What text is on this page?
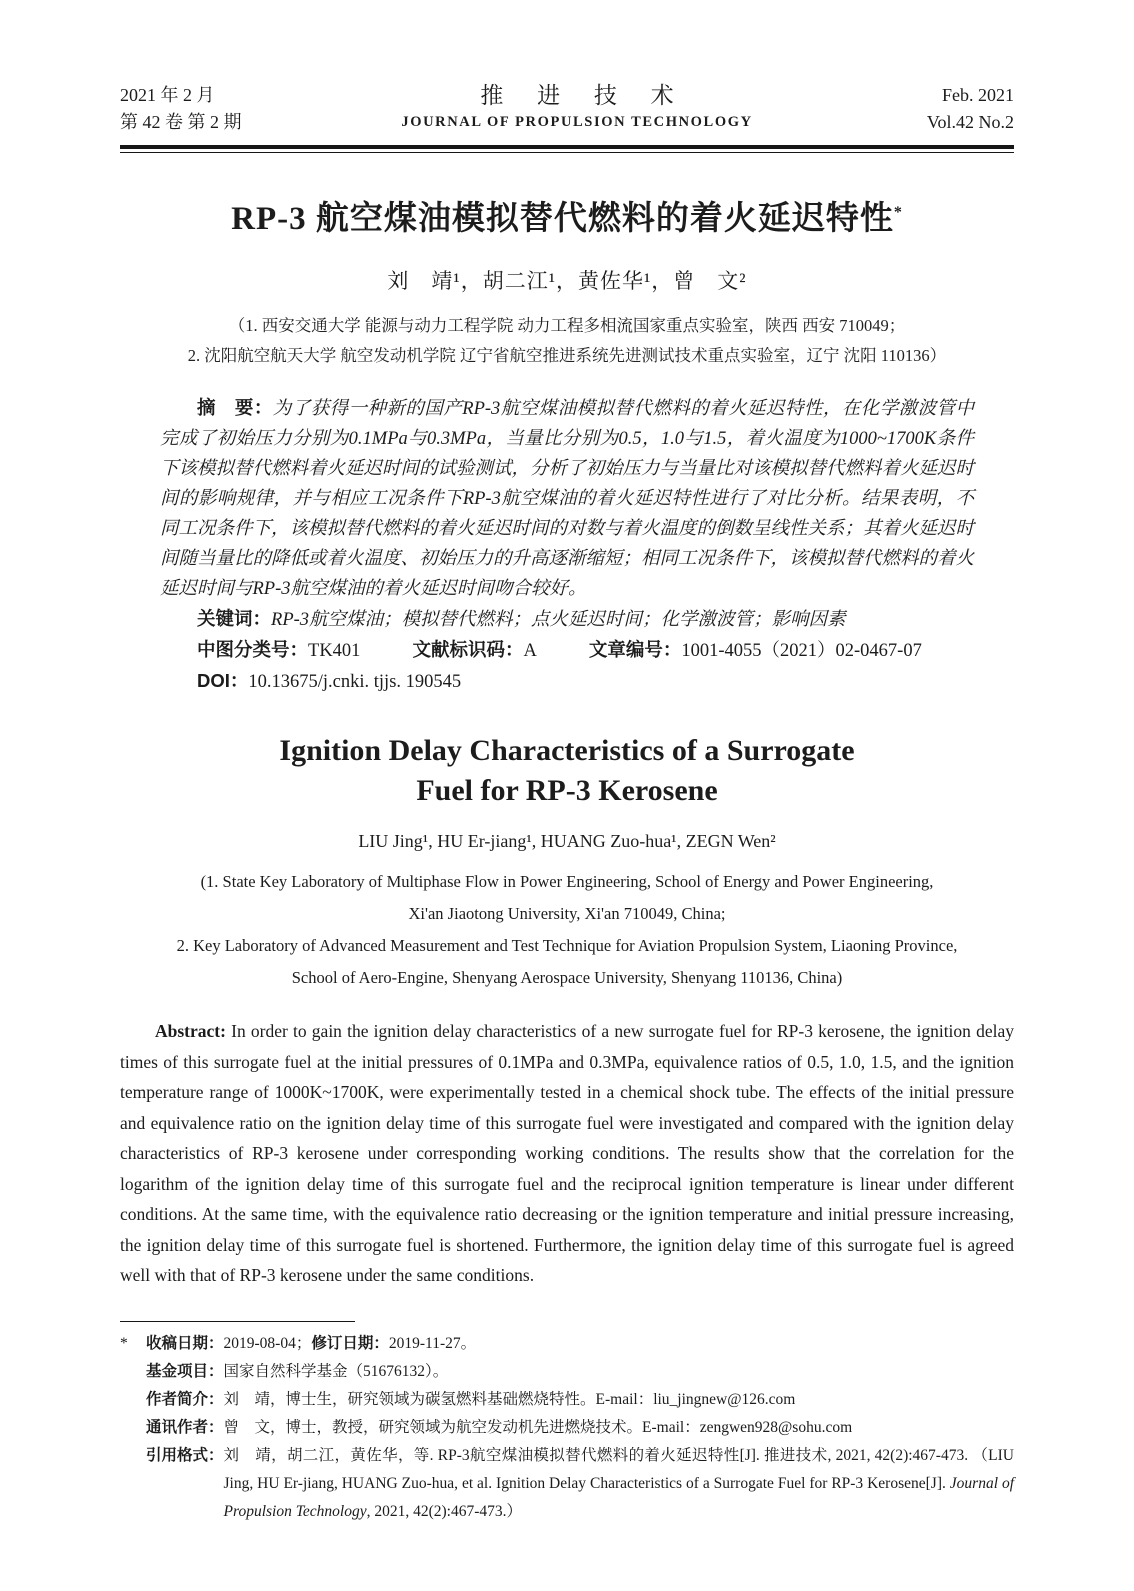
2021 年 2 月
第 42 卷 第 2 期
推 进 技 术
JOURNAL OF PROPULSION TECHNOLOGY
Feb. 2021
Vol.42 No.2
RP-3 航空煤油模拟替代燃料的着火延迟特性*
刘　靖¹，胡二江¹，黄佐华¹，曾　文²
（1. 西安交通大学 能源与动力工程学院 动力工程多相流国家重点实验室，陕西 西安 710049；
2. 沈阳航空航天大学 航空发动机学院 辽宁省航空推进系统先进测试技术重点实验室，辽宁 沈阳 110136）

摘　要：为了获得一种新的国产RP-3航空煤油模拟替代燃料的着火延迟特性，在化学激波管中完成了初始压力分别为0.1MPa与0.3MPa，当量比分别为0.5，1.0与1.5，着火温度为1000~1700K条件下该模拟替代燃料着火延迟时间的试验测试，分析了初始压力与当量比对该模拟替代燃料着火延迟时间的影响规律，并与相应工况条件下RP-3航空煤油的着火延迟特性进行了对比分析。结果表明，不同工况条件下，该模拟替代燃料的着火延迟时间的对数与着火温度的倒数呈线性关系；其着火延迟时间随当量比的降低或着火温度、初始压力的升高逐渐缩短；相同工况条件下，该模拟替代燃料的着火延迟时间与RP-3航空煤油的着火延迟时间吻合较好。

关键词：RP-3航空煤油；模拟替代燃料；点火延迟时间；化学激波管；影响因素

中图分类号：TK401	文献标识码：A	文章编号：1001-4055（2021）02-0467-07

DOI：10.13675/j.cnki. tjjs. 190545

Ignition Delay Characteristics of a Surrogate
Fuel for RP-3 Kerosene
LIU Jing¹, HU Er-jiang¹, HUANG Zuo-hua¹, ZEGN Wen²
(1. State Key Laboratory of Multiphase Flow in Power Engineering, School of Energy and Power Engineering,
Xi'an Jiaotong University, Xi'an 710049, China;
2. Key Laboratory of Advanced Measurement and Test Technique for Aviation Propulsion System, Liaoning Province,
School of Aero-Engine, Shenyang Aerospace University, Shenyang 110136, China)

Abstract: In order to gain the ignition delay characteristics of a new surrogate fuel for RP-3 kerosene, the ignition delay times of this surrogate fuel at the initial pressures of 0.1MPa and 0.3MPa, equivalence ratios of 0.5, 1.0, 1.5, and the ignition temperature range of 1000K~1700K, were experimentally tested in a chemical shock tube. The effects of the initial pressure and equivalence ratio on the ignition delay time of this surrogate fuel were investigated and compared with the ignition delay characteristics of RP-3 kerosene under corresponding working conditions. The results show that the correlation for the logarithm of the ignition delay time of this surrogate fuel and the reciprocal ignition temperature is linear under different conditions. At the same time, with the equivalence ratio decreasing or the ignition temperature and initial pressure increasing, the ignition delay time of this surrogate fuel is shortened. Furthermore, the ignition delay time of this surrogate fuel is agreed well with that of RP-3 kerosene under the same conditions.

*	收稿日期： 2019-08-04；修订日期：2019-11-27。
基金项目： 国家自然科学基金（51676132）。
作者简介： 刘　靖，博士生，研究领域为碳氢燃料基础燃烧特性。E-mail：liu_jingnew@126.com
通讯作者： 曾　文，博士，教授，研究领域为航空发动机先进燃烧技术。E-mail：zengwen928@sohu.com
引用格式： 刘　靖，胡二江，黄佐华，等. RP-3航空煤油模拟替代燃料的着火延迟特性[J]. 推进技术, 2021, 42(2):467-473. （LIU Jing, HU Er-jiang, HUANG Zuo-hua, et al. Ignition Delay Characteristics of a Surrogate Fuel for RP-3 Kerosene[J]. Journal of Propulsion Technology, 2021, 42(2):467-473.）
